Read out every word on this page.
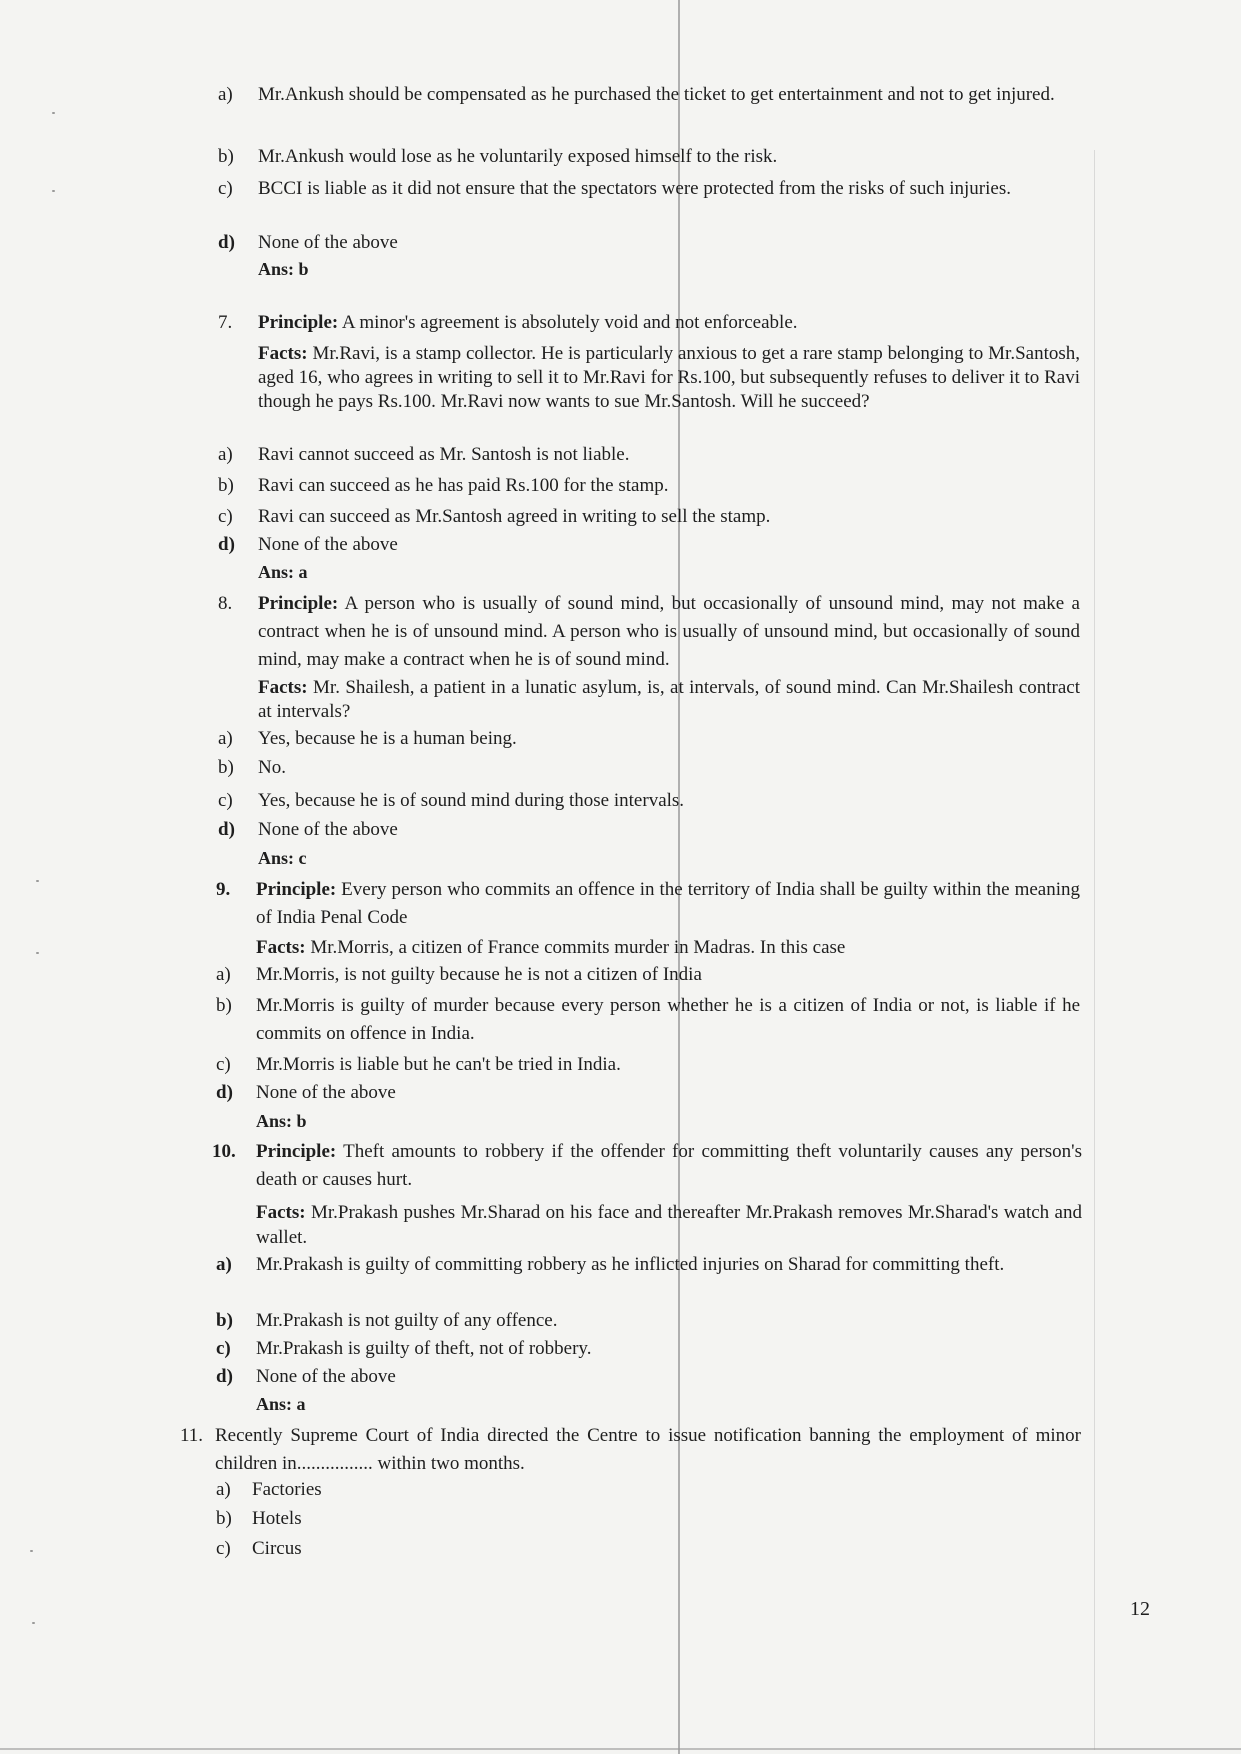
a)	Mr.Ankush should be compensated as he purchased the ticket to get entertainment and not to get injured.
b)	Mr.Ankush would lose as he voluntarily exposed himself to the risk.
c)	BCCI is liable as it did not ensure that the spectators were protected from the risks of such injuries.
d)	None of the above
Ans: b
7.	Principle: A minor's agreement is absolutely void and not enforceable.
Facts: Mr.Ravi, is a stamp collector. He is particularly anxious to get a rare stamp belonging to Mr.Santosh, aged 16, who agrees in writing to sell it to Mr.Ravi for Rs.100, but subsequently refuses to deliver it to Ravi though he pays Rs.100. Mr.Ravi now wants to sue Mr.Santosh. Will he succeed?
a)	Ravi cannot succeed as Mr. Santosh is not liable.
b)	Ravi can succeed as he has paid Rs.100 for the stamp.
c)	Ravi can succeed as Mr.Santosh agreed in writing to sell the stamp.
d)	None of the above
Ans: a
8.	Principle: A person who is usually of sound mind, but occasionally of unsound mind, may not make a contract when he is of unsound mind. A person who is usually of unsound mind, but occasionally of sound mind, may make a contract when he is of sound mind.
Facts: Mr. Shailesh, a patient in a lunatic asylum, is, at intervals, of sound mind. Can Mr.Shailesh contract at intervals?
a)	Yes, because he is a human being.
b)	No.
c)	Yes, because he is of sound mind during those intervals.
d)	None of the above
Ans: c
9.	Principle: Every person who commits an offence in the territory of India shall be guilty within the meaning of India Penal Code
Facts: Mr.Morris, a citizen of France commits murder in Madras. In this case
a)	Mr.Morris, is not guilty because he is not a citizen of India
b)	Mr.Morris is guilty of murder because every person whether he is a citizen of India or not, is liable if he commits on offence in India.
c)	Mr.Morris is liable but he can't be tried in India.
d)	None of the above
Ans: b
10.	Principle: Theft amounts to robbery if the offender for committing theft voluntarily causes any person's death or causes hurt.
Facts: Mr.Prakash pushes Mr.Sharad on his face and thereafter Mr.Prakash removes Mr.Sharad's watch and wallet.
a)	Mr.Prakash is guilty of committing robbery as he inflicted injuries on Sharad for committing theft.
b)	Mr.Prakash is not guilty of any offence.
c)	Mr.Prakash is guilty of theft, not of robbery.
d)	None of the above
Ans: a
11. Recently Supreme Court of India directed the Centre to issue notification banning the employment of minor children in................ within two months.
a)	Factories
b)	Hotels
c)	Circus
12
